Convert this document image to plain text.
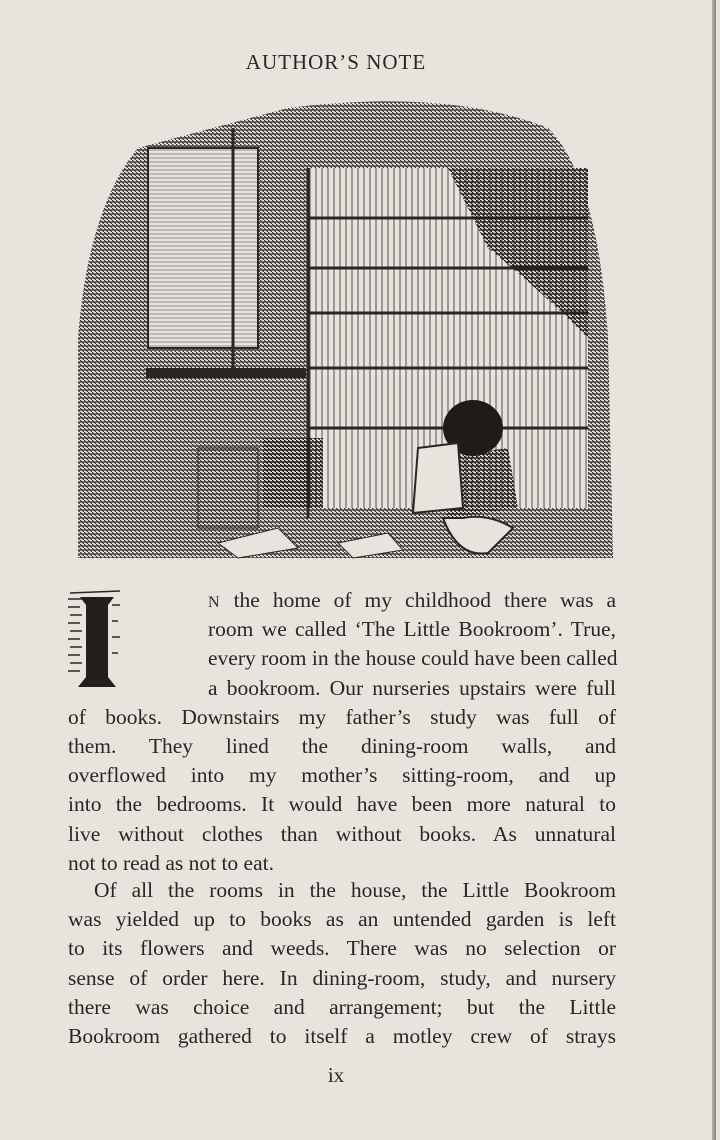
AUTHOR’S NOTE
I
N the home of my childhood there was a
room we called ‘The Little Bookroom’. True,
every room in the house could have been called
a bookroom. Our nurseries upstairs were full
of books. Downstairs my father’s study was full of
them. They lined the dining-room walls, and
overflowed into my mother’s sitting-room, and up
into the bedrooms. It would have been more natural to
live without clothes than without books. As unnatural
not to read as not to eat.
Of all the rooms in the house, the Little Bookroom
was yielded up to books as an untended garden is left
to its flowers and weeds. There was no selection or
sense of order here. In dining-room, study, and nursery
there was choice and arrangement; but the Little
Bookroom gathered to itself a motley crew of strays
ix
